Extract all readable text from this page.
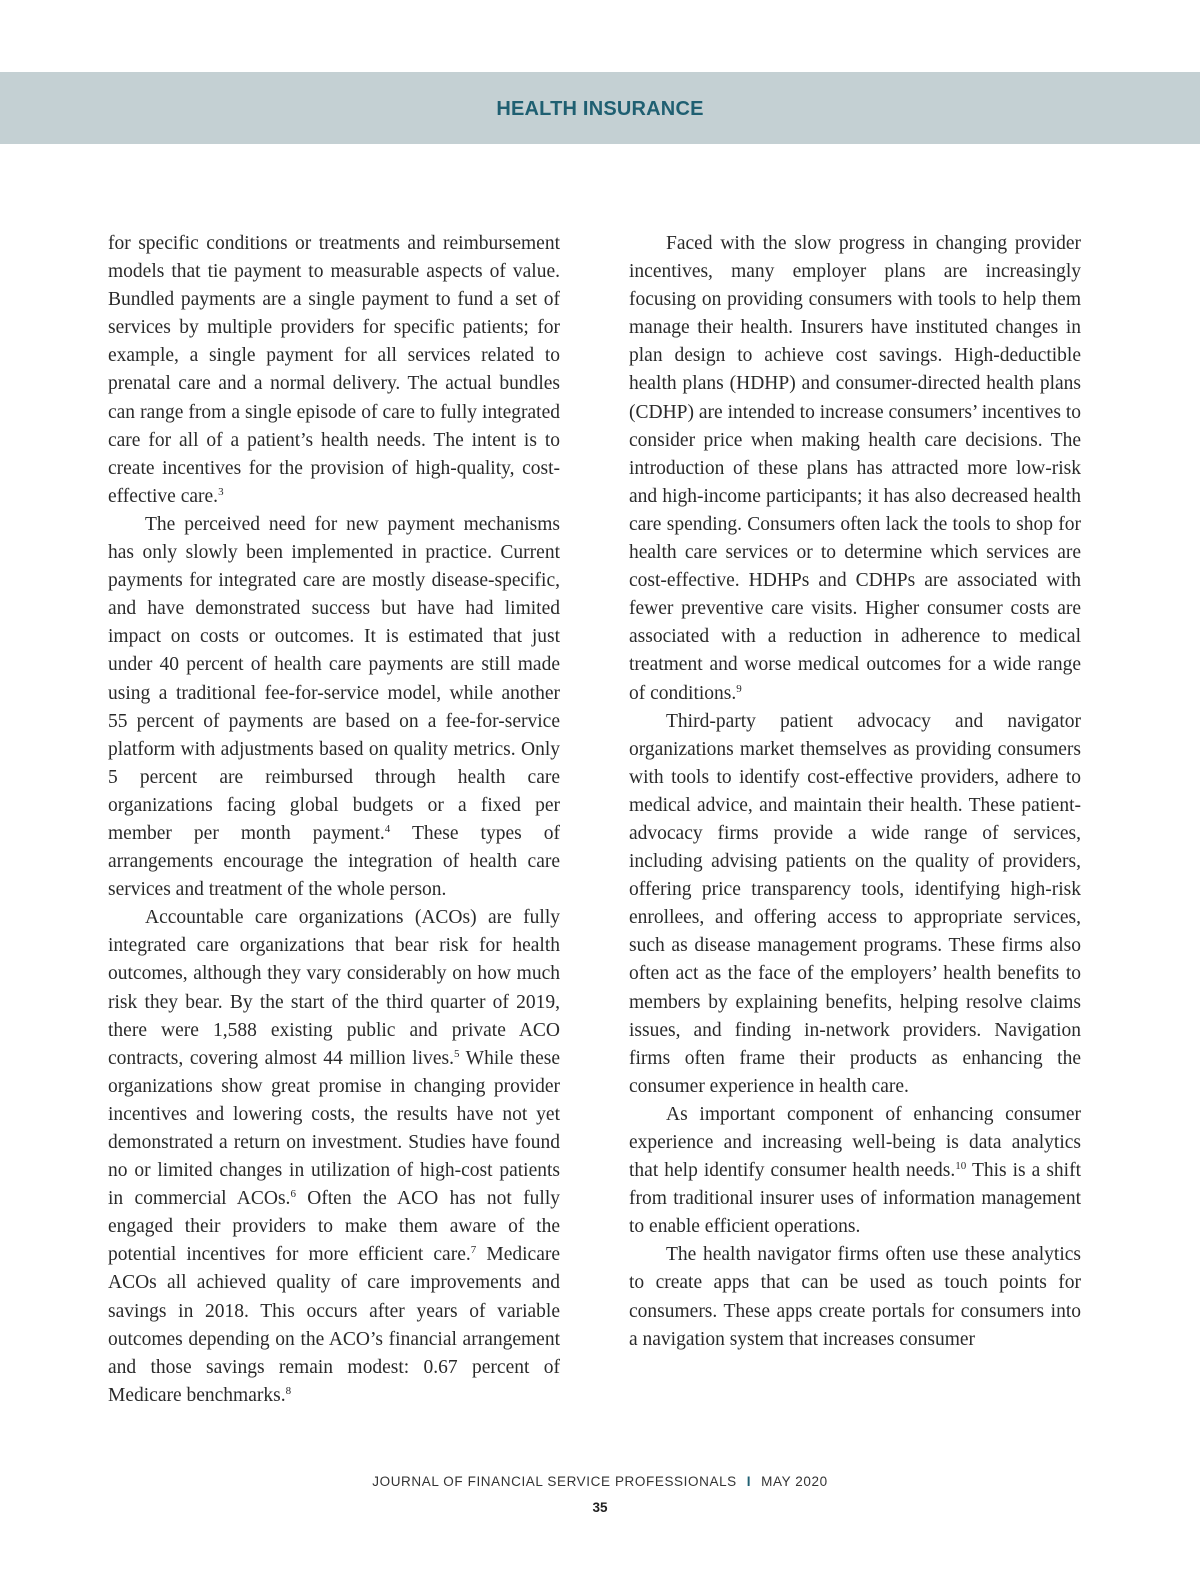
HEALTH INSURANCE

for specific conditions or treatments and reimbursement models that tie payment to measurable aspects of value. Bundled payments are a single payment to fund a set of services by multiple providers for specific patients; for example, a single payment for all services related to prenatal care and a normal delivery. The actual bundles can range from a single episode of care to fully integrated care for all of a patient’s health needs. The intent is to create incentives for the provision of high-quality, cost-effective care.$^3$

The perceived need for new payment mechanisms has only slowly been implemented in practice. Current payments for integrated care are mostly disease-specific, and have demonstrated success but have had limited impact on costs or outcomes. It is estimated that just under 40 percent of health care payments are still made using a traditional fee-for-service model, while another 55 percent of payments are based on a fee-for-service platform with adjustments based on quality metrics. Only 5 percent are reimbursed through health care organizations facing global budgets or a fixed per member per month payment.$^4$ These types of arrangements encourage the integration of health care services and treatment of the whole person.

Accountable care organizations (ACOs) are fully integrated care organizations that bear risk for health outcomes, although they vary considerably on how much risk they bear. By the start of the third quarter of 2019, there were 1,588 existing public and private ACO contracts, covering almost 44 million lives.$^5$ While these organizations show great promise in changing provider incentives and lowering costs, the results have not yet demonstrated a return on investment. Studies have found no or limited changes in utilization of high-cost patients in commercial ACOs.$^6$ Often the ACO has not fully engaged their providers to make them aware of the potential incentives for more efficient care.$^7$ Medicare ACOs all achieved quality of care improvements and savings in 2018. This occurs after years of variable outcomes depending on the ACO’s financial arrangement and those savings remain modest: 0.67 percent of Medicare benchmarks.$^8$

Faced with the slow progress in changing provider incentives, many employer plans are increasingly focusing on providing consumers with tools to help them manage their health. Insurers have instituted changes in plan design to achieve cost savings. High-deductible health plans (HDHP) and consumer-directed health plans (CDHP) are intended to increase consumers’ incentives to consider price when making health care decisions. The introduction of these plans has attracted more low-risk and high-income participants; it has also decreased health care spending. Consumers often lack the tools to shop for health care services or to determine which services are cost-effective. HDHPs and CDHPs are associated with fewer preventive care visits. Higher consumer costs are associated with a reduction in adherence to medical treatment and worse medical outcomes for a wide range of conditions.$^9$

Third-party patient advocacy and navigator organizations market themselves as providing consumers with tools to identify cost-effective providers, adhere to medical advice, and maintain their health. These patient-advocacy firms provide a wide range of services, including advising patients on the quality of providers, offering price transparency tools, identifying high-risk enrollees, and offering access to appropriate services, such as disease management programs. These firms also often act as the face of the employers’ health benefits to members by explaining benefits, helping resolve claims issues, and finding in-network providers. Navigation firms often frame their products as enhancing the consumer experience in health care.

As important component of enhancing consumer experience and increasing well-being is data analytics that help identify consumer health needs.$^{10}$ This is a shift from traditional insurer uses of information management to enable efficient operations.

The health navigator firms often use these analytics to create apps that can be used as touch points for consumers. These apps create portals for consumers into a navigation system that increases consumer

JOURNAL OF FINANCIAL SERVICE PROFESSIONALS I MAY 2020
35
